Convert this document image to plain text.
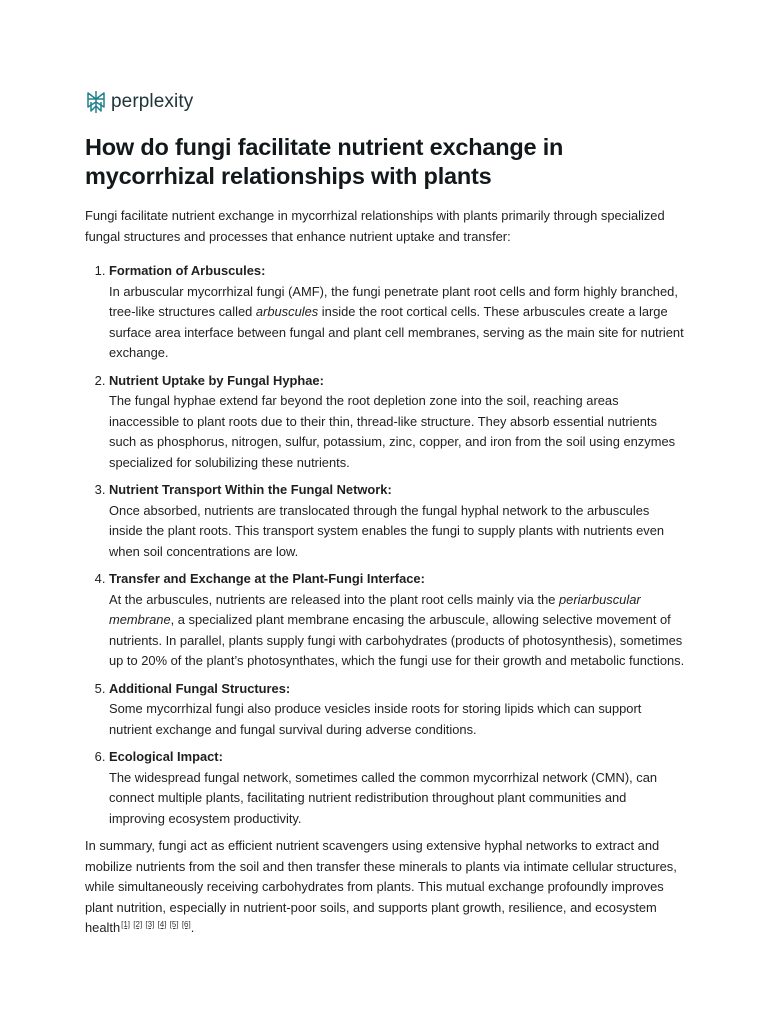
perplexity
How do fungi facilitate nutrient exchange in mycorrhizal relationships with plants

Fungi facilitate nutrient exchange in mycorrhizal relationships with plants primarily through specialized fungal structures and processes that enhance nutrient uptake and transfer:

1. Formation of Arbuscules:
In arbuscular mycorrhizal fungi (AMF), the fungi penetrate plant root cells and form highly branched, tree-like structures called arbuscules inside the root cortical cells. These arbuscules create a large surface area interface between fungal and plant cell membranes, serving as the main site for nutrient exchange.
2. Nutrient Uptake by Fungal Hyphae:
The fungal hyphae extend far beyond the root depletion zone into the soil, reaching areas inaccessible to plant roots due to their thin, thread-like structure. They absorb essential nutrients such as phosphorus, nitrogen, sulfur, potassium, zinc, copper, and iron from the soil using enzymes specialized for solubilizing these nutrients.
3. Nutrient Transport Within the Fungal Network:
Once absorbed, nutrients are translocated through the fungal hyphal network to the arbuscules inside the plant roots. This transport system enables the fungi to supply plants with nutrients even when soil concentrations are low.
4. Transfer and Exchange at the Plant-Fungi Interface:
At the arbuscules, nutrients are released into the plant root cells mainly via the periarbuscular membrane, a specialized plant membrane encasing the arbuscule, allowing selective movement of nutrients. In parallel, plants supply fungi with carbohydrates (products of photosynthesis), sometimes up to 20% of the plant’s photosynthates, which the fungi use for their growth and metabolic functions.
5. Additional Fungal Structures:
Some mycorrhizal fungi also produce vesicles inside roots for storing lipids which can support nutrient exchange and fungal survival during adverse conditions.
6. Ecological Impact:
The widespread fungal network, sometimes called the common mycorrhizal network (CMN), can connect multiple plants, facilitating nutrient redistribution throughout plant communities and improving ecosystem productivity.

In summary, fungi act as efficient nutrient scavengers using extensive hyphal networks to extract and mobilize nutrients from the soil and then transfer these minerals to plants via intimate cellular structures, while simultaneously receiving carbohydrates from plants. This mutual exchange profoundly improves plant nutrition, especially in nutrient-poor soils, and supports plant growth, resilience, and ecosystem health[1] [2] [3] [4] [5] [6].
